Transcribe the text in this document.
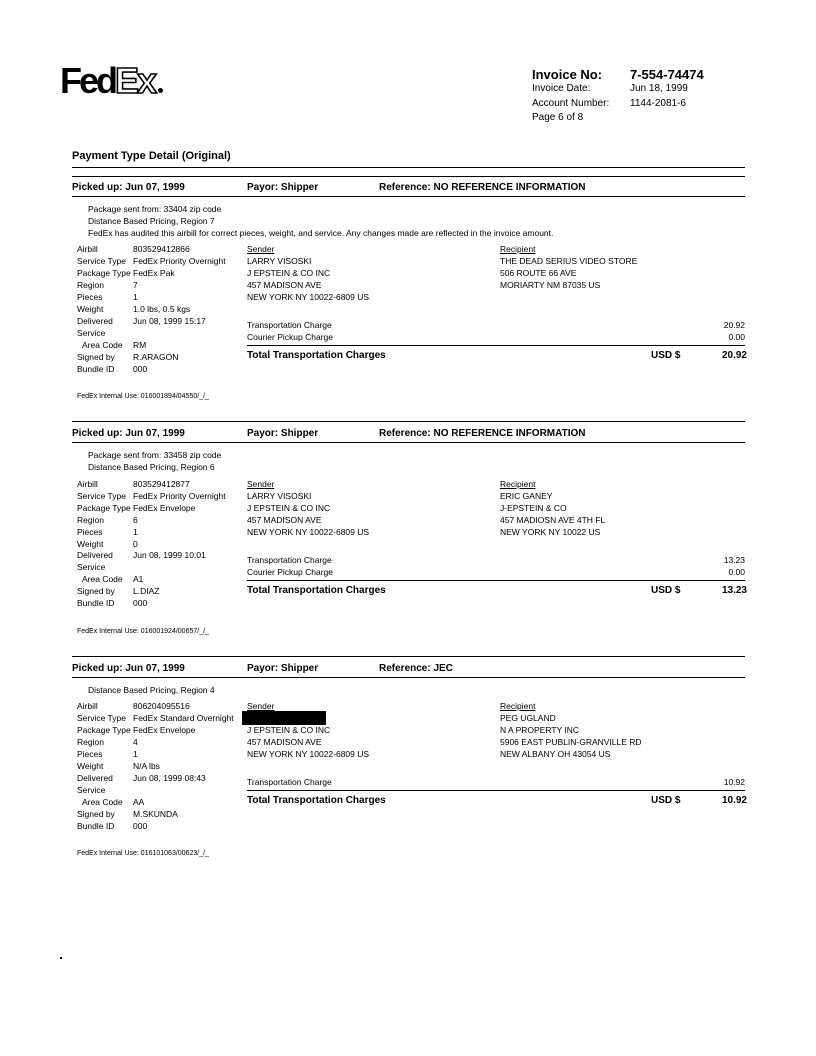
FedEx	Invoice No: 7-554-74474
Invoice Date:	Jun 18, 1999
Account Number: 1144-2081-6
Page 6 of 8
Payment Type Detail (Original)
Picked up: Jun 07, 1999	Payor: Shipper	Reference: NO REFERENCE INFORMATION
Package sent from: 33404 zip code
Distance Based Pricing, Region 7
FedEx has audited this airbill for correct pieces, weight, and service. Any changes made are reflected in the invoice amount.
Airbill	803529412866
Service Type FedEx Priority Overnight
Package Type FedEx Pak
Region	7
Pieces	1
Weight	1.0 lbs, 0.5 kgs
Delivered Jun 08, 1999 15:17
Service
Area Code RM
Signed by R.ARAGON
Bundle ID 000
Sender
LARRY VISOSKI
J EPSTEIN & CO INC
457 MADISON AVE
NEW YORK NY 10022-6809 US
Recipient
THE DEAD SERIUS VIDEO STORE
506 ROUTE 66 AVE
MORIARTY NM 87035 US
Transportation Charge	20.92
Courier Pickup Charge	0.00
Total Transportation Charges	USD $	20.92
FedEx Internal Use: 016001894/04550/_/_
Picked up: Jun 07, 1999	Payor: Shipper	Reference: NO REFERENCE INFORMATION
Package sent from: 33458 zip code
Distance Based Pricing, Region 6
Airbill	803529412877
Service Type FedEx Priority Overnight
Package Type FedEx Envelope
Region	6
Pieces	1
Weight	0
Delivered Jun 08, 1999 10:01
Service
Area Code A1
Signed by L.DIAZ
Bundle ID 000
Sender
LARRY VISOSKI
J EPSTEIN & CO INC
457 MADISON AVE
NEW YORK NY 10022-6809 US
Recipient
ERIC GANEY
J-EPSTEIN & CO
457 MADIOSN AVE 4TH FL
NEW YORK NY 10022 US
Transportation Charge	13.23
Courier Pickup Charge	0.00
Total Transportation Charges	USD $	13.23
FedEx Internal Use: 016001924/00657/_/_
Picked up: Jun 07, 1999	Payor: Shipper	Reference: JEC
Distance Based Pricing, Region 4
Airbill	806204095516
Service Type FedEx Standard Overnight
Package Type FedEx Envelope
Region	4
Pieces	1
Weight	N/A lbs
Delivered Jun 08, 1999 08:43
Service
Area Code AA
Signed by M.SKUNDA
Bundle ID 000
Sender
J EPSTEIN & CO INC
457 MADISON AVE
NEW YORK NY 10022-6809 US
Recipient
PEG UGLAND
N A PROPERTY INC
5906 EAST PUBLIN-GRANVILLE RD
NEW ALBANY OH 43054 US
Transportation Charge	10.92
Total Transportation Charges	USD $	10.92
FedEx Internal Use: 016101063/00623/_/_
